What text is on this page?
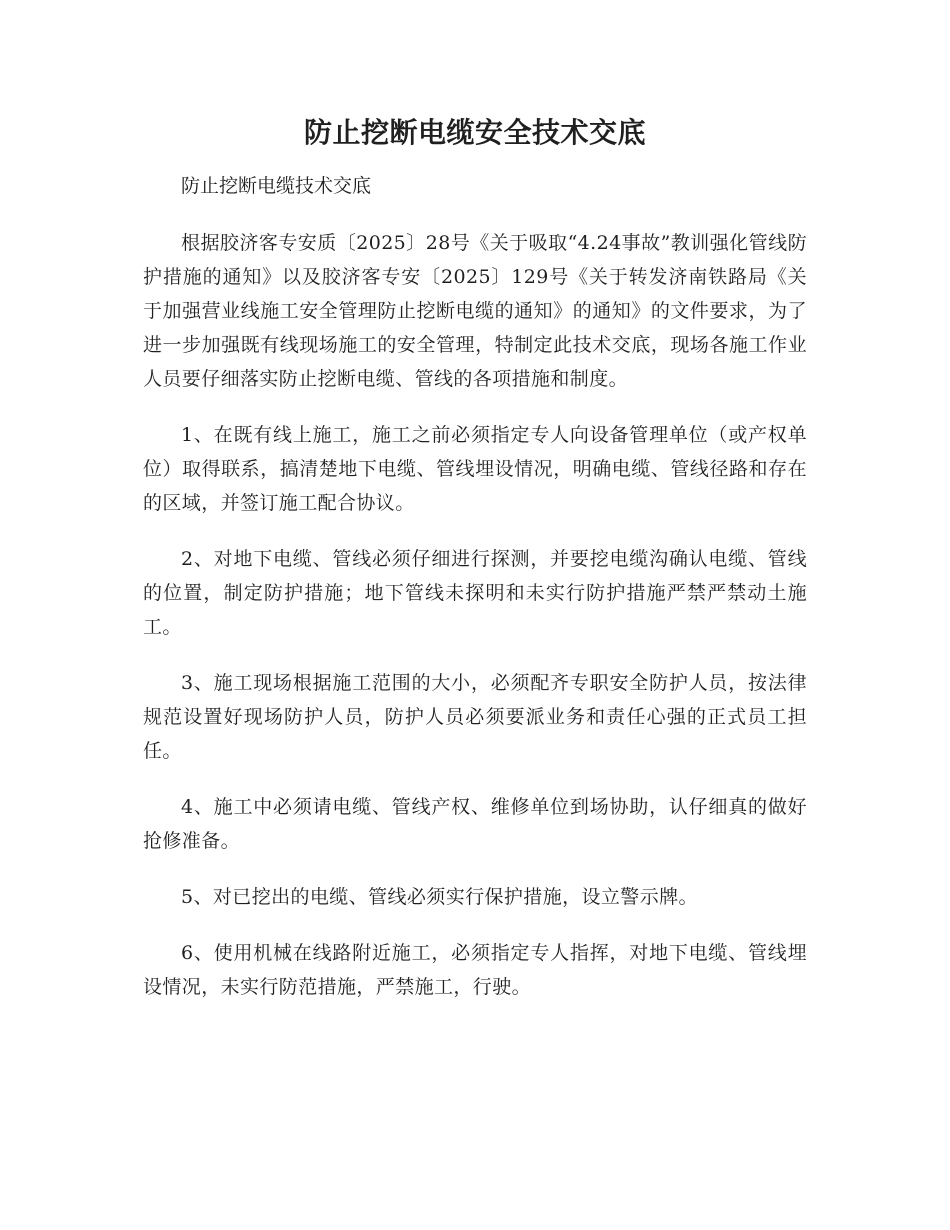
防止挖断电缆安全技术交底

防止挖断电缆技术交底

根据胶济客专安质〔2025〕28号《关于吸取“4.24事故”教训强化管线防护措施的通知》以及胶济客专安〔2025〕129号《关于转发济南铁路局《关于加强营业线施工安全管理防止挖断电缆的通知》的通知》的文件要求，为了进一步加强既有线现场施工的安全管理，特制定此技术交底，现场各施工作业人员要仔细落实防止挖断电缆、管线的各项措施和制度。

1、在既有线上施工，施工之前必须指定专人向设备管理单位（或产权单位）取得联系，搞清楚地下电缆、管线埋设情况，明确电缆、管线径路和存在的区域，并签订施工配合协议。

2、对地下电缆、管线必须仔细进行探测，并要挖电缆沟确认电缆、管线的位置，制定防护措施；地下管线未探明和未实行防护措施严禁严禁动土施工。

3、施工现场根据施工范围的大小，必须配齐专职安全防护人员，按法律规范设置好现场防护人员，防护人员必须要派业务和责任心强的正式员工担任。

4、施工中必须请电缆、管线产权、维修单位到场协助，认仔细真的做好抢修准备。

5、对已挖出的电缆、管线必须实行保护措施，设立警示牌。

6、使用机械在线路附近施工，必须指定专人指挥，对地下电缆、管线埋设情况，未实行防范措施，严禁施工，行驶。
